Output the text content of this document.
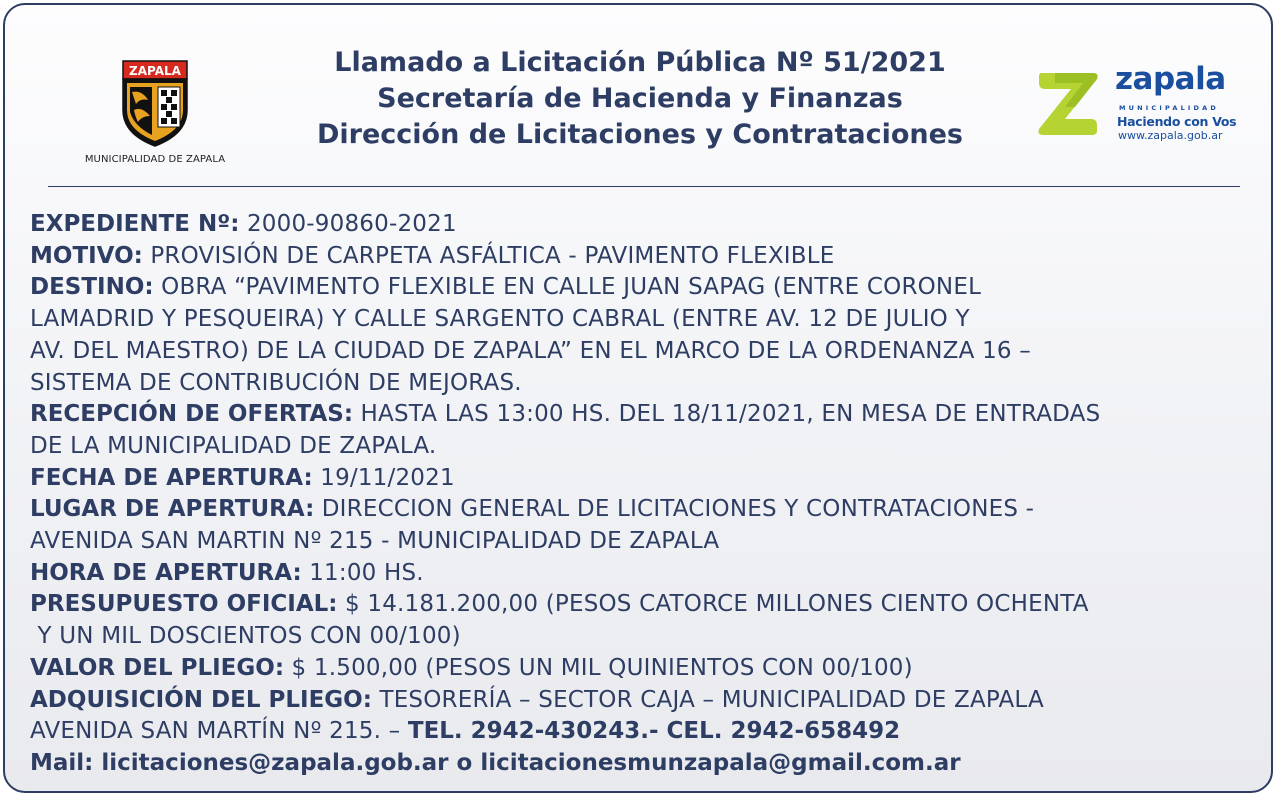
ZAPALA
MUNICIPALIDAD DE ZAPALA
Llamado a Licitación Pública Nº 51/2021
Secretaría de Hacienda y Finanzas
Dirección de Licitaciones y Contrataciones
zapala
MUNICIPALIDAD
Haciendo con Vos
www.zapala.gob.ar

EXPEDIENTE Nº: 2000-90860-2021

MOTIVO: PROVISIÓN DE CARPETA ASFÁLTICA - PAVIMENTO FLEXIBLE

DESTINO: OBRA “PAVIMENTO FLEXIBLE EN CALLE JUAN SAPAG (ENTRE CORONEL

LAMADRID Y PESQUEIRA) Y CALLE SARGENTO CABRAL (ENTRE AV. 12 DE JULIO Y

AV. DEL MAESTRO) DE LA CIUDAD DE ZAPALA” EN EL MARCO DE LA ORDENANZA 16 –

SISTEMA DE CONTRIBUCIÓN DE MEJORAS.

RECEPCIÓN DE OFERTAS: HASTA LAS 13:00 HS. DEL 18/11/2021, EN MESA DE ENTRADAS

DE LA MUNICIPALIDAD DE ZAPALA.

FECHA DE APERTURA: 19/11/2021

LUGAR DE APERTURA: DIRECCION GENERAL DE LICITACIONES Y CONTRATACIONES -

AVENIDA SAN MARTIN Nº 215 - MUNICIPALIDAD DE ZAPALA

HORA DE APERTURA: 11:00 HS.

PRESUPUESTO OFICIAL: $ 14.181.200,00 (PESOS CATORCE MILLONES CIENTO OCHENTA

Y UN MIL DOSCIENTOS CON 00/100)

VALOR DEL PLIEGO: $ 1.500,00 (PESOS UN MIL QUINIENTOS CON 00/100)

ADQUISICIÓN DEL PLIEGO: TESORERÍA – SECTOR CAJA – MUNICIPALIDAD DE ZAPALA

AVENIDA SAN MARTÍN Nº 215. – TEL. 2942-430243.- CEL. 2942-658492

Mail: licitaciones@zapala.gob.ar o licitacionesmunzapala@gmail.com.ar
